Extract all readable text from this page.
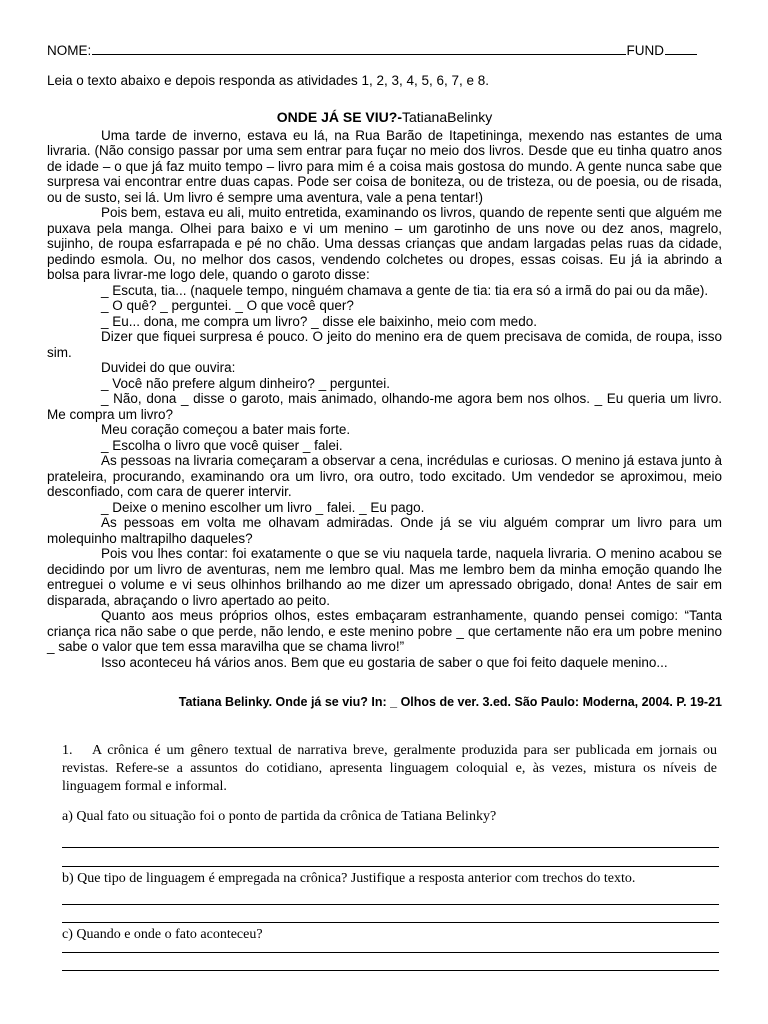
NOME:	FUND
Leia o texto abaixo e depois responda as atividades 1, 2, 3, 4, 5, 6, 7, e 8.
ONDE JÁ SE VIU?-TatianaBelinky

Uma tarde de inverno, estava eu lá, na Rua Barão de Itapetininga, mexendo nas estantes de uma livraria. (Não consigo passar por uma sem entrar para fuçar no meio dos livros. Desde que eu tinha quatro anos de idade – o que já faz muito tempo – livro para mim é a coisa mais gostosa do mundo. A gente nunca sabe que surpresa vai encontrar entre duas capas. Pode ser coisa de boniteza, ou de tristeza, ou de poesia, ou de risada, ou de susto, sei lá. Um livro é sempre uma aventura, vale a pena tentar!)

Pois bem, estava eu ali, muito entretida, examinando os livros, quando de repente senti que alguém me puxava pela manga. Olhei para baixo e vi um menino – um garotinho de uns nove ou dez anos, magrelo, sujinho, de roupa esfarrapada e pé no chão. Uma dessas crianças que andam largadas pelas ruas da cidade, pedindo esmola. Ou, no melhor dos casos, vendendo colchetes ou dropes, essas coisas. Eu já ia abrindo a bolsa para livrar-me logo dele, quando o garoto disse:

_ Escuta, tia... (naquele tempo, ninguém chamava a gente de tia: tia era só a irmã do pai ou da mãe).

_ O quê? _ perguntei. _ O que você quer?

_ Eu... dona, me compra um livro? _ disse ele baixinho, meio com medo.

Dizer que fiquei surpresa é pouco. O jeito do menino era de quem precisava de comida, de roupa, isso sim.

Duvidei do que ouvira:

_ Você não prefere algum dinheiro? _ perguntei.

_ Não, dona _ disse o garoto, mais animado, olhando-me agora bem nos olhos. _ Eu queria um livro. Me compra um livro?

Meu coração começou a bater mais forte.

_ Escolha o livro que você quiser _ falei.

As pessoas na livraria começaram a observar a cena, incrédulas e curiosas. O menino já estava junto à prateleira, procurando, examinando ora um livro, ora outro, todo excitado. Um vendedor se aproximou, meio desconfiado, com cara de querer intervir.

_ Deixe o menino escolher um livro _ falei. _ Eu pago.

As pessoas em volta me olhavam admiradas. Onde já se viu alguém comprar um livro para um molequinho maltrapilho daqueles?

Pois vou lhes contar: foi exatamente o que se viu naquela tarde, naquela livraria. O menino acabou se decidindo por um livro de aventuras, nem me lembro qual. Mas me lembro bem da minha emoção quando lhe entreguei o volume e vi seus olhinhos brilhando ao me dizer um apressado obrigado, dona! Antes de sair em disparada, abraçando o livro apertado ao peito.

Quanto aos meus próprios olhos, estes embaçaram estranhamente, quando pensei comigo: “Tanta criança rica não sabe o que perde, não lendo, e este menino pobre _ que certamente não era um pobre menino _ sabe o valor que tem essa maravilha que se chama livro!”

Isso aconteceu há vários anos. Bem que eu gostaria de saber o que foi feito daquele menino...

Tatiana Belinky. Onde já se viu? In: _ Olhos de ver. 3.ed. São Paulo: Moderna, 2004. P. 19-21

1. A crônica é um gênero textual de narrativa breve, geralmente produzida para ser publicada em jornais ou revistas. Refere-se a assuntos do cotidiano, apresenta linguagem coloquial e, às vezes, mistura os níveis de linguagem formal e informal.

a) Qual fato ou situação foi o ponto de partida da crônica de Tatiana Belinky?
b) Que tipo de linguagem é empregada na crônica? Justifique a resposta anterior com trechos do texto.
c) Quando e onde o fato aconteceu?
